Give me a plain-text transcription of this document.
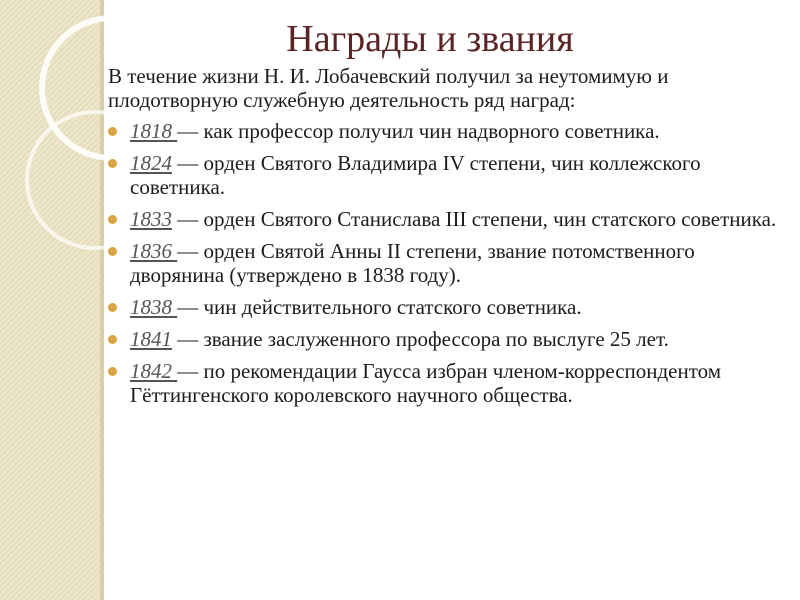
Награды и звания

В течение жизни Н. И. Лобачевский получил за неутомимую и плодотворную служебную деятельность ряд наград:

1818 — как профессор получил чин надворного советника.
1824 — орден Святого Владимира IV степени, чин коллежского советника.
1833 — орден Святого Станислава III степени, чин статского советника.
1836 — орден Святой Анны II степени, звание потомственного дворянина (утверждено в 1838 году).
1838 — чин действительного статского советника.
1841 — звание заслуженного профессора по выслуге 25 лет.
1842 — по рекомендации Гаусса избран членом-корреспондентом Гёттингенского королевского научного общества.
